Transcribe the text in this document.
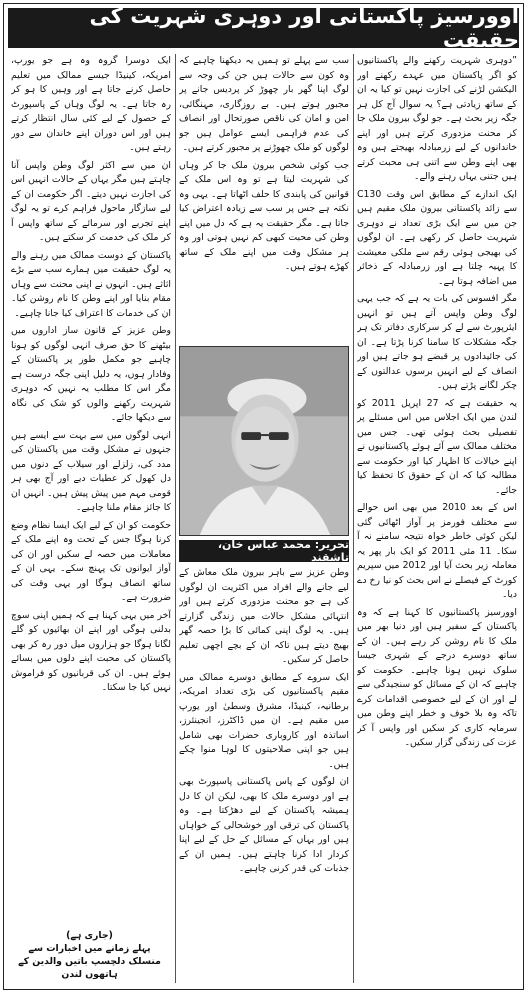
اوورسیز پاکستانی اور دوہری شہریت کی حقیقت

”دوہری شہریت رکھنے والے پاکستانیوں کو اگر پاکستان میں عہدے رکھنے اور الیکشن لڑنے کی اجازت نہیں تو کیا یہ ان کے ساتھ زیادتی ہے؟ یہ سوال آج کل ہر جگہ زیر بحث ہے۔ جو لوگ بیرون ملک جا کر محنت مزدوری کرتے ہیں اور اپنے خاندانوں کے لیے زرمبادلہ بھیجتے ہیں وہ بھی اپنے وطن سے اتنی ہی محبت کرتے ہیں جتنی یہاں رہنے والے۔

ایک اندازے کے مطابق اس وقت C130 سے زائد پاکستانی بیرون ملک مقیم ہیں جن میں سے ایک بڑی تعداد نے دوہری شہریت حاصل کر رکھی ہے۔ ان لوگوں کی بھیجی ہوئی رقم سے ملکی معیشت کا پہیہ چلتا ہے اور زرمبادلہ کے ذخائر میں اضافہ ہوتا ہے۔

مگر افسوس کی بات یہ ہے کہ جب یہی لوگ وطن واپس آتے ہیں تو انہیں ایئرپورٹ سے لے کر سرکاری دفاتر تک ہر جگہ مشکلات کا سامنا کرنا پڑتا ہے۔ ان کی جائیدادوں پر قبضے ہو جاتے ہیں اور انصاف کے لیے انہیں برسوں عدالتوں کے چکر لگانے پڑتے ہیں۔

یہ حقیقت ہے کہ 27 اپریل 2011 کو لندن میں ایک اجلاس میں اس مسئلے پر تفصیلی بحث ہوئی تھی۔ جس میں مختلف ممالک سے آئے ہوئے پاکستانیوں نے اپنے خیالات کا اظہار کیا اور حکومت سے مطالبہ کیا کہ ان کے حقوق کا تحفظ کیا جائے۔

اس کے بعد 2010 میں بھی اس حوالے سے مختلف فورمز پر آواز اٹھائی گئی لیکن کوئی خاطر خواہ نتیجہ سامنے نہ آ سکا۔ 11 مئی 2011 کو ایک بار پھر یہ معاملہ زیر بحث آیا اور 2012 میں سپریم کورٹ کے فیصلے نے اس بحث کو نیا رخ دے دیا۔

اوورسیز پاکستانیوں کا کہنا ہے کہ وہ پاکستان کے سفیر ہیں اور دنیا بھر میں ملک کا نام روشن کر رہے ہیں۔ ان کے ساتھ دوسرے درجے کے شہری جیسا سلوک نہیں ہونا چاہیے۔ حکومت کو چاہیے کہ ان کے مسائل کو سنجیدگی سے لے اور ان کے لیے خصوصی اقدامات کرے تاکہ وہ بلا خوف و خطر اپنے وطن میں سرمایہ کاری کر سکیں اور واپس آ کر عزت کی زندگی گزار سکیں۔

سب سے پہلے تو ہمیں یہ دیکھنا چاہیے کہ وہ کون سے حالات ہیں جن کی وجہ سے لوگ اپنا گھر بار چھوڑ کر پردیس جانے پر مجبور ہوتے ہیں۔ بے روزگاری، مہنگائی، امن و امان کی ناقص صورتحال اور انصاف کی عدم فراہمی ایسے عوامل ہیں جو لوگوں کو ملک چھوڑنے پر مجبور کرتے ہیں۔

جب کوئی شخص بیرون ملک جا کر وہاں کی شہریت لیتا ہے تو وہ اس ملک کے قوانین کی پابندی کا حلف اٹھاتا ہے۔ یہی وہ نکتہ ہے جس پر سب سے زیادہ اعتراض کیا جاتا ہے۔ مگر حقیقت یہ ہے کہ دل میں اپنے وطن کی محبت کبھی کم نہیں ہوتی اور وہ ہر مشکل وقت میں اپنے ملک کے ساتھ کھڑے ہوتے ہیں۔

تحریر: محمد عباس خان، تاشقند

وطن عزیز سے باہر بیرون ملک معاش کے لیے جانے والے افراد میں اکثریت ان لوگوں کی ہے جو محنت مزدوری کرتے ہیں اور انتہائی مشکل حالات میں زندگی گزارتے ہیں۔ یہ لوگ اپنی کمائی کا بڑا حصہ گھر بھیج دیتے ہیں تاکہ ان کے بچے اچھی تعلیم حاصل کر سکیں۔

ایک سروے کے مطابق دوسرے ممالک میں مقیم پاکستانیوں کی بڑی تعداد امریکہ، برطانیہ، کینیڈا، مشرق وسطیٰ اور یورپ میں مقیم ہے۔ ان میں ڈاکٹرز، انجینئرز، اساتذہ اور کاروباری حضرات بھی شامل ہیں جو اپنی صلاحیتوں کا لوہا منوا چکے ہیں۔

ان لوگوں کے پاس پاکستانی پاسپورٹ بھی ہے اور دوسرے ملک کا بھی، لیکن ان کا دل ہمیشہ پاکستان کے لیے دھڑکتا ہے۔ وہ پاکستان کی ترقی اور خوشحالی کے خواہاں ہیں اور یہاں کے مسائل کے حل کے لیے اپنا کردار ادا کرنا چاہتے ہیں۔ ہمیں ان کے جذبات کی قدر کرنی چاہیے۔

ایک دوسرا گروہ وہ ہے جو یورپ، امریکہ، کینیڈا جیسے ممالک میں تعلیم حاصل کرنے جاتا ہے اور وہیں کا ہو کر رہ جاتا ہے۔ یہ لوگ وہاں کے پاسپورٹ کے حصول کے لیے کئی سال انتظار کرتے ہیں اور اس دوران اپنے خاندان سے دور رہتے ہیں۔

ان میں سے اکثر لوگ وطن واپس آنا چاہتے ہیں مگر یہاں کے حالات انہیں اس کی اجازت نہیں دیتے۔ اگر حکومت ان کے لیے سازگار ماحول فراہم کرے تو یہ لوگ اپنے تجربے اور سرمائے کے ساتھ واپس آ کر ملک کی خدمت کر سکتے ہیں۔

پاکستان کے دوست ممالک میں رہنے والے یہ لوگ حقیقت میں ہمارے سب سے بڑے اثاثے ہیں۔ انہوں نے اپنی محنت سے وہاں مقام بنایا اور اپنے وطن کا نام روشن کیا۔ ان کی خدمات کا اعتراف کیا جانا چاہیے۔

وطن عزیز کے قانون ساز اداروں میں بیٹھنے کا حق صرف انہی لوگوں کو ہونا چاہیے جو مکمل طور پر پاکستان کے وفادار ہوں، یہ دلیل اپنی جگہ درست ہے مگر اس کا مطلب یہ نہیں کہ دوہری شہریت رکھنے والوں کو شک کی نگاہ سے دیکھا جائے۔

انہی لوگوں میں سے بہت سے ایسے ہیں جنہوں نے مشکل وقت میں پاکستان کی مدد کی، زلزلے اور سیلاب کے دنوں میں دل کھول کر عطیات دیے اور آج بھی ہر قومی مہم میں پیش پیش ہیں۔ انہیں ان کا جائز مقام ملنا چاہیے۔

حکومت کو ان کے لیے ایک ایسا نظام وضع کرنا ہوگا جس کے تحت وہ اپنے ملک کے معاملات میں حصہ لے سکیں اور ان کی آواز ایوانوں تک پہنچ سکے۔ یہی ان کے ساتھ انصاف ہوگا اور یہی وقت کی ضرورت ہے۔

آخر میں یہی کہنا ہے کہ ہمیں اپنی سوچ بدلنی ہوگی اور اپنے ان بھائیوں کو گلے لگانا ہوگا جو ہزاروں میل دور رہ کر بھی پاکستان کی محبت اپنے دلوں میں بسائے ہوئے ہیں۔ ان کی قربانیوں کو فراموش نہیں کیا جا سکتا۔

(جاری ہے)
پہلے زمانے میں اخبارات سے منسلک دلچسپ باتیں والدین کے ہاتھوں لندن
